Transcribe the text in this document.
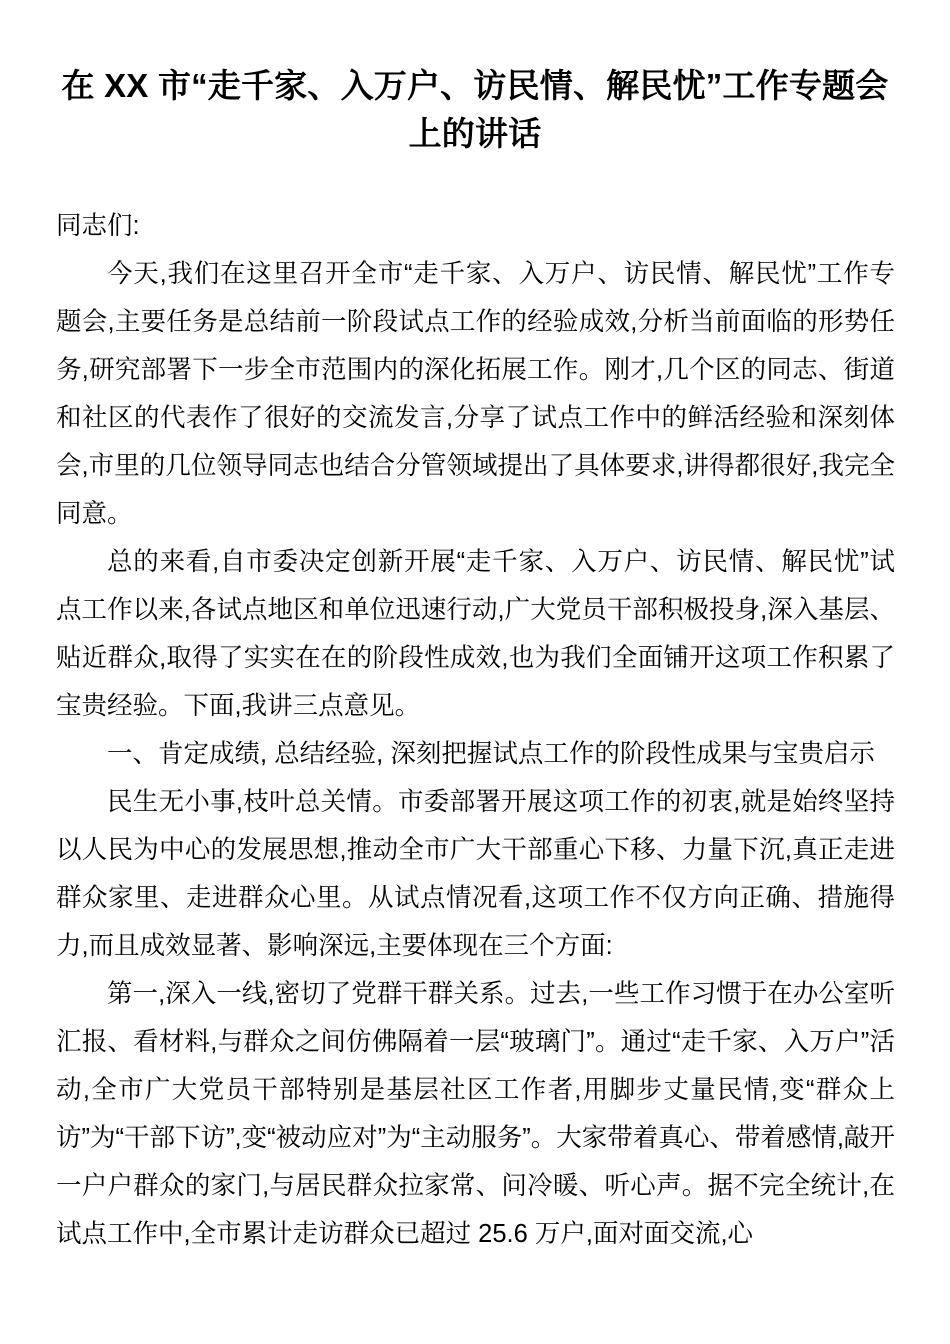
在 XX 市“走千家、入万户、访民情、解民忧”工作专题会上的讲话

同志们:

今天,我们在这里召开全市“走千家、入万户、访民情、解民忧”工作专题会,主要任务是总结前一阶段试点工作的经验成效,分析当前面临的形势任务,研究部署下一步全市范围内的深化拓展工作。刚才,几个区的同志、街道和社区的代表作了很好的交流发言,分享了试点工作中的鲜活经验和深刻体会,市里的几位领导同志也结合分管领域提出了具体要求,讲得都很好,我完全同意。

总的来看,自市委决定创新开展“走千家、入万户、访民情、解民忧”试点工作以来,各试点地区和单位迅速行动,广大党员干部积极投身,深入基层、贴近群众,取得了实实在在的阶段性成效,也为我们全面铺开这项工作积累了宝贵经验。下面,我讲三点意见。

一、肯定成绩, 总结经验, 深刻把握试点工作的阶段性成果与宝贵启示

民生无小事,枝叶总关情。市委部署开展这项工作的初衷,就是始终坚持以人民为中心的发展思想,推动全市广大干部重心下移、力量下沉,真正走进群众家里、走进群众心里。从试点情况看,这项工作不仅方向正确、措施得力,而且成效显著、影响深远,主要体现在三个方面:

第一,深入一线,密切了党群干群关系。过去,一些工作习惯于在办公室听汇报、看材料,与群众之间仿佛隔着一层“玻璃门”。通过“走千家、入万户”活动,全市广大党员干部特别是基层社区工作者,用脚步丈量民情,变“群众上访”为“干部下访”,变“被动应对”为“主动服务”。大家带着真心、带着感情,敲开一户户群众的家门,与居民群众拉家常、问冷暖、听心声。据不完全统计,在试点工作中,全市累计走访群众已超过 25.6 万户,面对面交流,心
